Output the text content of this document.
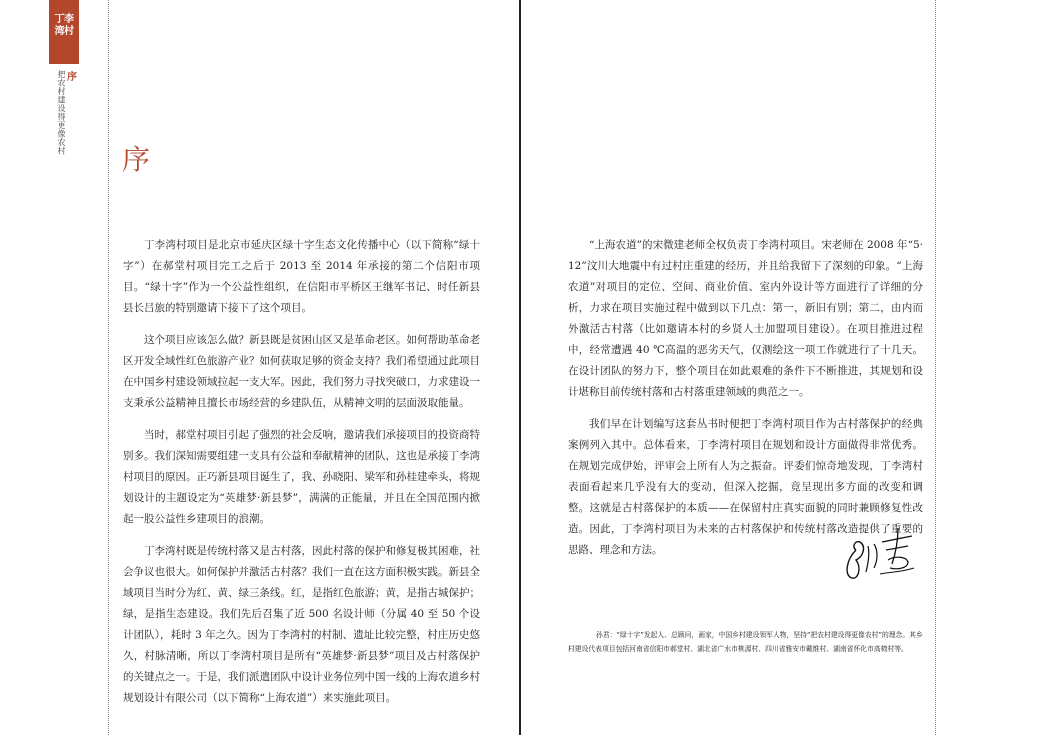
丁李湾村
序
把农村建设得更像农村
序

丁李湾村项目是北京市延庆区绿十字生态文化传播中心（以下简称“绿十字”）在郝堂村项目完工之后于 2013 至 2014 年承接的第二个信阳市项目。“绿十字”作为一个公益性组织，在信阳市平桥区王继军书记、时任新县县长吕旅的特别邀请下接下了这个项目。

这个项目应该怎么做？新县既是贫困山区又是革命老区。如何帮助革命老区开发全域性红色旅游产业？如何获取足够的资金支持？我们希望通过此项目在中国乡村建设领域拉起一支大军。因此，我们努力寻找突破口，力求建设一支秉承公益精神且擅长市场经营的乡建队伍，从精神文明的层面汲取能量。

当时，郝堂村项目引起了强烈的社会反响，邀请我们承接项目的投资商特别多。我们深知需要组建一支具有公益和奉献精神的团队，这也是承接丁李湾村项目的原因。正巧新县项目诞生了，我、孙晓阳、梁军和孙桂建牵头，将规划设计的主题设定为“英雄梦·新县梦”，满满的正能量，并且在全国范围内掀起一股公益性乡建项目的浪潮。

丁李湾村既是传统村落又是古村落，因此村落的保护和修复极其困难，社会争议也很大。如何保护并激活古村落？我们一直在这方面积极实践。新县全域项目当时分为红、黄、绿三条线。红，是指红色旅游；黄，是指古城保护；绿，是指生态建设。我们先后召集了近 500 名设计师（分属 40 至 50 个设计团队），耗时 3 年之久。因为丁李湾村的村制、遗址比较完整，村庄历史悠久，村脉清晰，所以丁李湾村项目是所有“英雄梦·新县梦”项目及古村落保护的关键点之一。于是，我们派遣团队中设计业务位列中国一线的上海农道乡村规划设计有限公司（以下简称“上海农道”）来实施此项目。

“上海农道”的宋微建老师全权负责丁李湾村项目。宋老师在 2008 年“5·12”汶川大地震中有过村庄重建的经历，并且给我留下了深刻的印象。“上海农道”对项目的定位、空间、商业价值、室内外设计等方面进行了详细的分析，力求在项目实施过程中做到以下几点：第一，新旧有别；第二，由内而外激活古村落（比如邀请本村的乡贤人士加盟项目建设）。在项目推进过程中，经常遭遇 40 ℃高温的恶劣天气，仅测绘这一项工作就进行了十几天。在设计团队的努力下，整个项目在如此艰难的条件下不断推进，其规划和设计堪称目前传统村落和古村落重建领域的典范之一。

我们早在计划编写这套丛书时便把丁李湾村项目作为古村落保护的经典案例列入其中。总体看来，丁李湾村项目在规划和设计方面做得非常优秀。在规划完成伊始，评审会上所有人为之振奋。评委们惊奇地发现，丁李湾村表面看起来几乎没有大的变动，但深入挖掘，竟呈现出多方面的改变和调整。这就是古村落保护的本质——在保留村庄真实面貌的同时兼顾修复性改造。因此，丁李湾村项目为未来的古村落保护和传统村落改造提供了重要的思路、理念和方法。

孙君：“绿十字”发起人、总顾问，画家，中国乡村建设领军人物，坚持“把农村建设得更像农村”的理念。其乡村建设代表项目包括河南省信阳市郝堂村、湖北省广水市桃源村、四川省雅安市戴维村、湖南省怀化市高椅村等。
